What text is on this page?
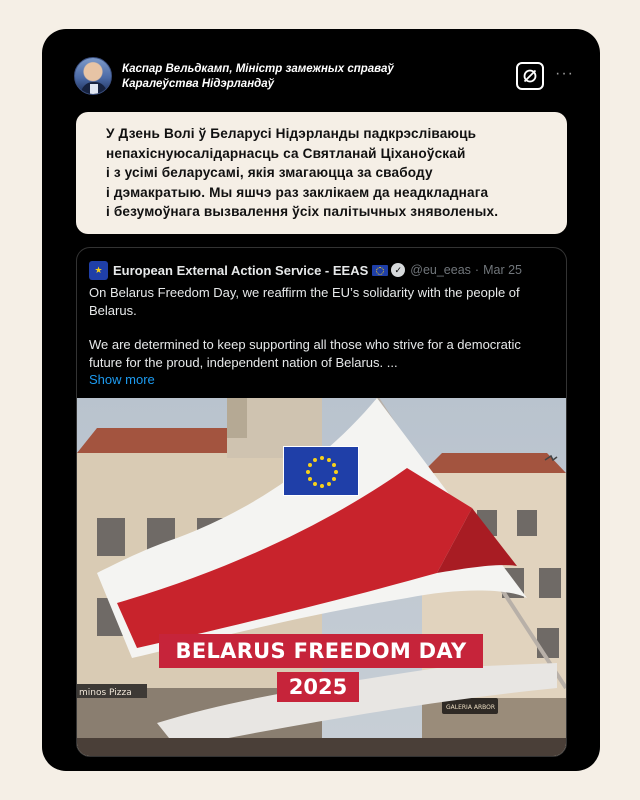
Каспар Вельдкамп, Міністр замежных справаў
Каралеўства Нідэрландаў
···
У Дзень Волі ў Беларусі Нідэрланды падкрэсліваюць
непахіснуюсалідарнасць са Святланай Ціханоўскай
і з усімі беларусамі, якія змагаюцца за свабоду
і дэмакратыю. Мы яшчэ раз заклікаем да неадкладнага
і безумоўнага вызвалення ўсіх палітычных зняволеных.
★ European External Action Service - EEAS	✓ @eu_eeas · Mar 25

On Belarus Freedom Day, we reaffirm the EU’s solidarity with the people of

Belarus.

We are determined to keep supporting all those who strive for a democratic

future for the proud, independent nation of Belarus. ...

Show more
minos Pizza
GALERIA ARBOR
BELARUS FREEDOM DAY
2025
